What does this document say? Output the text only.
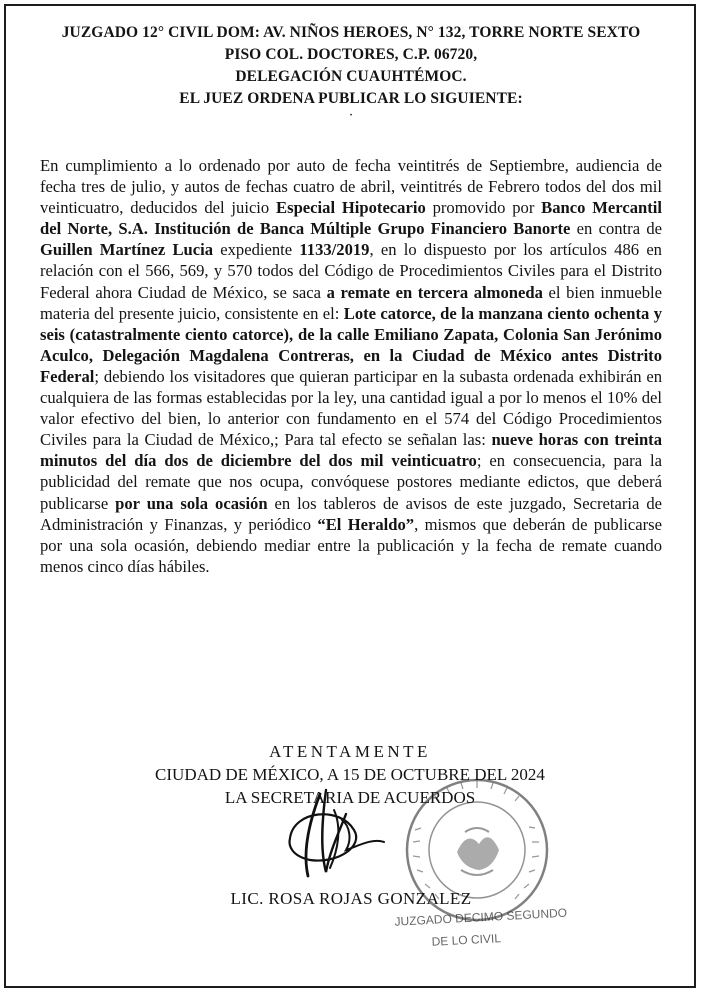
JUZGADO 12° CIVIL DOM: AV. NIÑOS HEROES, N° 132, TORRE NORTE SEXTO
PISO COL. DOCTORES, C.P. 06720,
DELEGACIÓN CUAUHTÉMOC.
EL JUEZ ORDENA PUBLICAR LO SIGUIENTE:
·

En cumplimiento a lo ordenado por auto de fecha veintitrés de Septiembre, audiencia de fecha tres de julio, y autos de fechas cuatro de abril, veintitrés de Febrero todos del dos mil veinticuatro, deducidos del juicio Especial Hipotecario promovido por Banco Mercantil del Norte, S.A. Institución de Banca Múltiple Grupo Financiero Banorte en contra de Guillen Martínez Lucia expediente 1133/2019, en lo dispuesto por los artículos 486 en relación con el 566, 569, y 570 todos del Código de Procedimientos Civiles para el Distrito Federal ahora Ciudad de México, se saca a remate en tercera almoneda el bien inmueble materia del presente juicio, consistente en el: Lote catorce, de la manzana ciento ochenta y seis (catastralmente ciento catorce), de la calle Emiliano Zapata, Colonia San Jerónimo Aculco, Delegación Magdalena Contreras, en la Ciudad de México antes Distrito Federal; debiendo los visitadores que quieran participar en la subasta ordenada exhibirán en cualquiera de las formas establecidas por la ley, una cantidad igual a por lo menos el 10% del valor efectivo del bien, lo anterior con fundamento en el 574 del Código Procedimientos Civiles para la Ciudad de México,; Para tal efecto se señalan las: nueve horas con treinta minutos del día dos de diciembre del dos mil veinticuatro; en consecuencia, para la publicidad del remate que nos ocupa, convóquese postores mediante edictos, que deberá publicarse por una sola ocasión en los tableros de avisos de este juzgado, Secretaria de Administración y Finanzas, y periódico “El Heraldo”, mismos que deberán de publicarse por una sola ocasión, debiendo mediar entre la publicación y la fecha de remate cuando menos cinco días hábiles.

ATENTAMENTE
CIUDAD DE MÉXICO, A 15 DE OCTUBRE DEL 2024
LA SECRETARIA DE ACUERDOS
LIC. ROSA ROJAS GONZALEZ
JUZGADO DECIMO SEGUNDO
DE LO CIVIL
